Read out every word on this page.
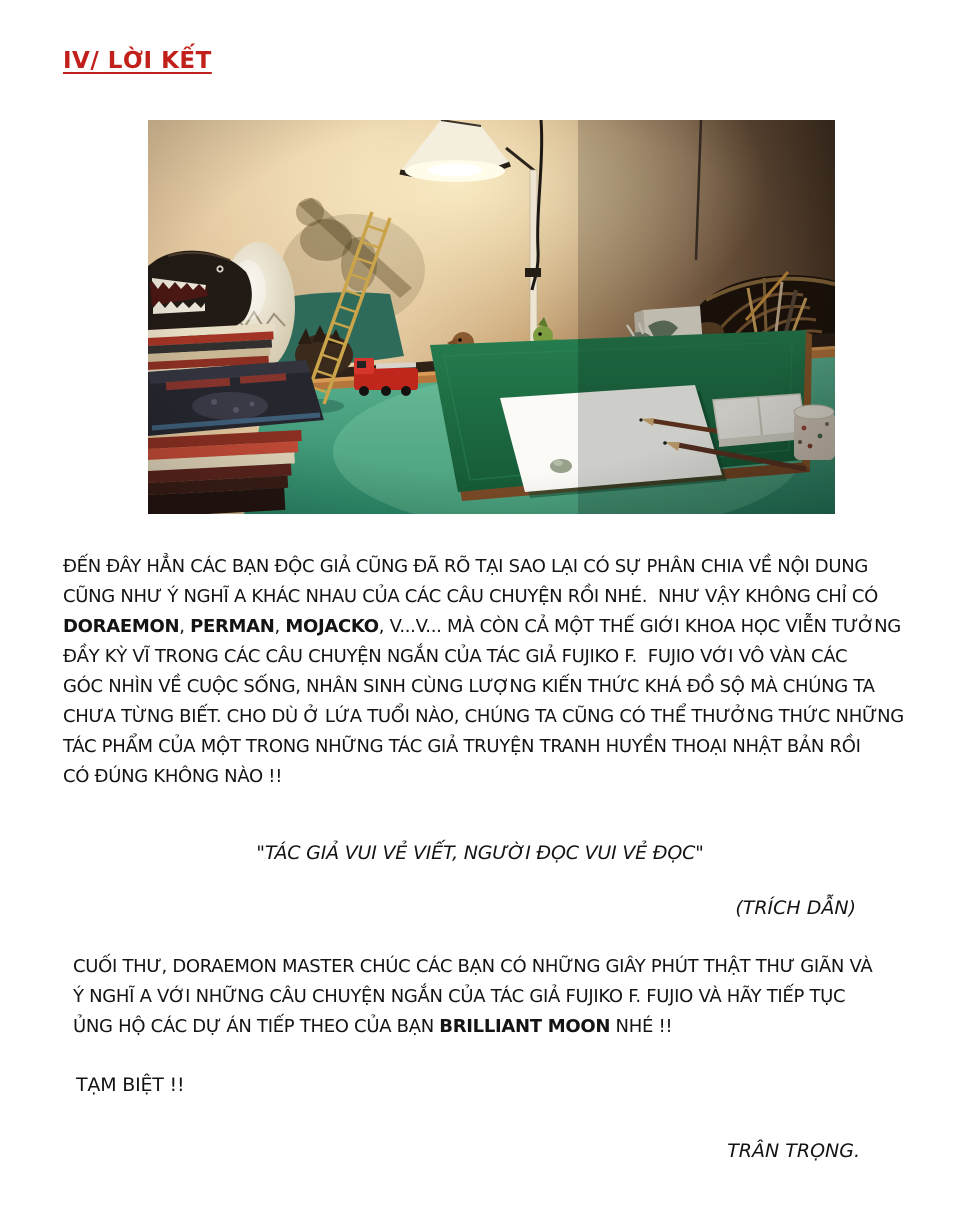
IV/ LỜI KẾT
ĐẾN ĐÂY HẲN CÁC BẠN ĐỘC GIẢ CŨNG ĐÃ RÕ TẠI SAO LẠI CÓ SỰ PHÂN CHIA VỀ NỘI DUNG
CŨNG NHƯ Ý NGHĨ A KHÁC NHAU CỦA CÁC CÂU CHUYỆN RỒI NHÉ.  NHƯ VẬY KHÔNG CHỈ CÓ
DORAEMON, PERMAN, MOJACKO, V...V... MÀ CÒN CẢ MỘT THẾ GIỚI KHOA HỌC VIỄN TƯỞNG
ĐẦY KỲ VĨ TRONG CÁC CÂU CHUYỆN NGẮN CỦA TÁC GIẢ FUJIKO F.  FUJIO VỚI VÔ VÀN CÁC
GÓC NHÌN VỀ CUỘC SỐNG, NHÂN SINH CÙNG LƯỢNG KIẾN THỨC KHÁ ĐỒ SỘ MÀ CHÚNG TA
CHƯA TỪNG BIẾT. CHO DÙ Ở LỨA TUỔI NÀO, CHÚNG TA CŨNG CÓ THỂ THƯỞNG THỨC NHỮNG
TÁC PHẨM CỦA MỘT TRONG NHỮNG TÁC GIẢ TRUYỆN TRANH HUYỀN THOẠI NHẬT BẢN RỒI
CÓ ĐÚNG KHÔNG NÀO !!
"TÁC GIẢ VUI VẺ VIẾT, NGƯỜI ĐỌC VUI VẺ ĐỌC"
(TRÍCH DẪN)
CUỐI THƯ, DORAEMON MASTER CHÚC CÁC BẠN CÓ NHỮNG GIÂY PHÚT THẬT THƯ GIÃN VÀ
Ý NGHĨ A VỚI NHỮNG CÂU CHUYỆN NGẮN CỦA TÁC GIẢ FUJIKO F. FUJIO VÀ HÃY TIẾP TỤC
ỦNG HỘ CÁC DỰ ÁN TIẾP THEO CỦA BẠN BRILLIANT MOON NHÉ !!
TẠM BIỆT !!
TRÂN TRỌNG.
